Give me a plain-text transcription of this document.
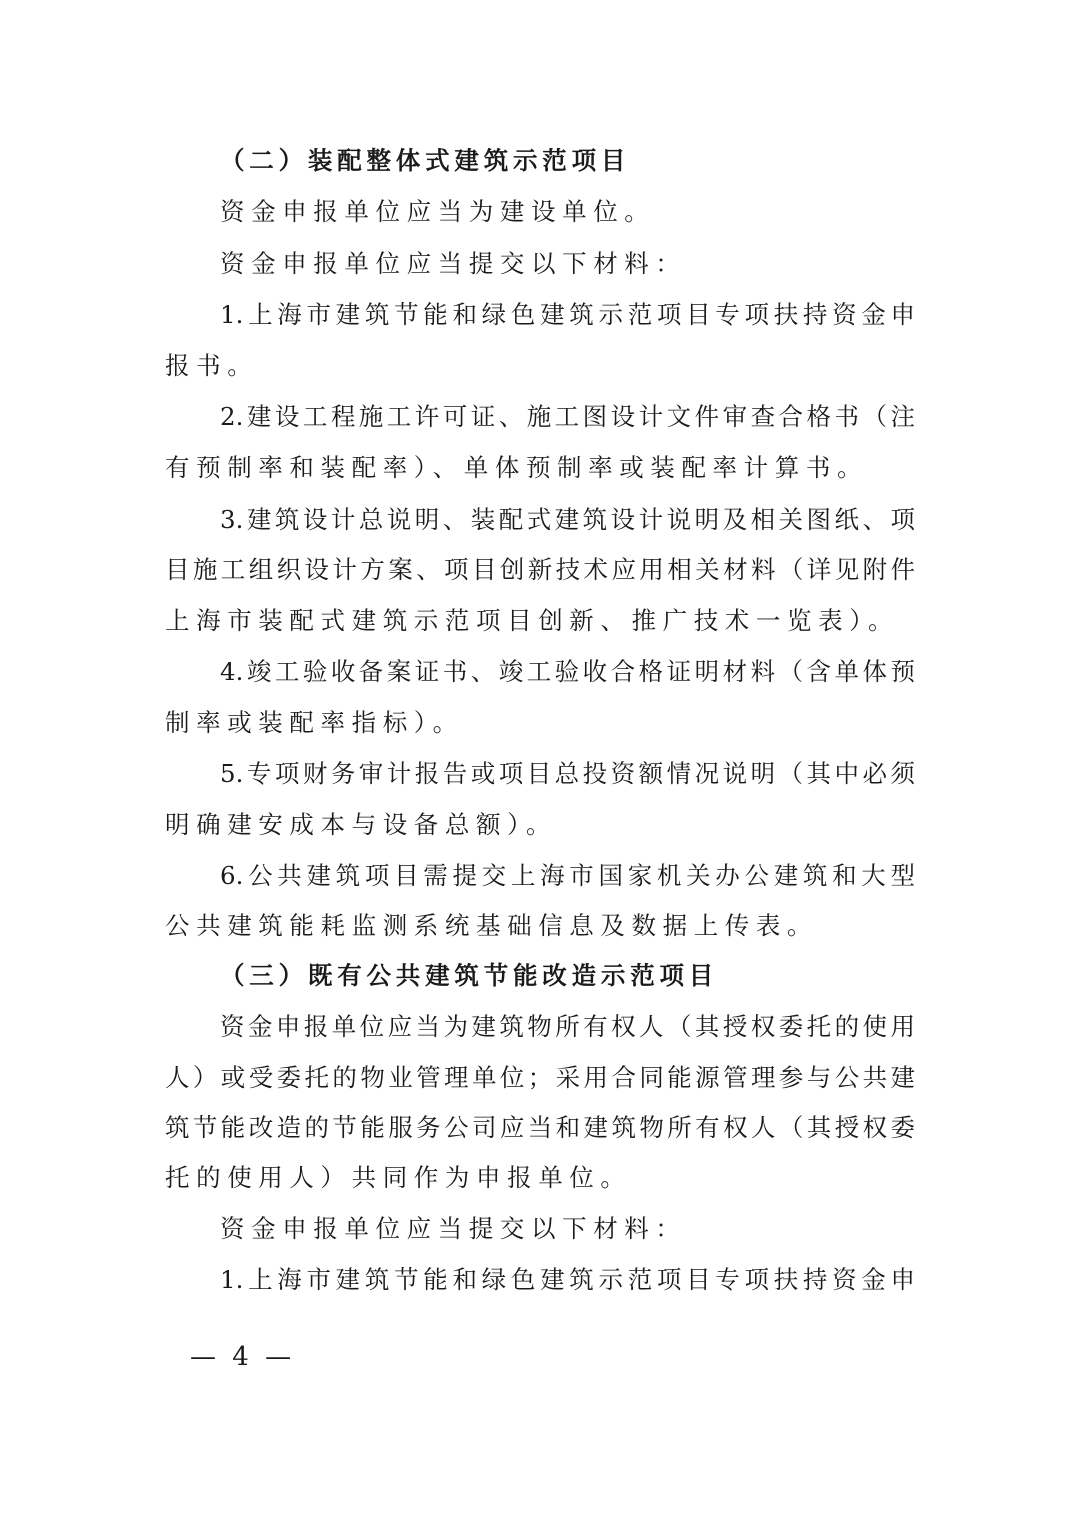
（二）装配整体式建筑示范项目
资金申报单位应当为建设单位。
资金申报单位应当提交以下材料：
1.上海市建筑节能和绿色建筑示范项目专项扶持资金申
报书。
2.建设工程施工许可证、施工图设计文件审查合格书（注
有预制率和装配率）、单体预制率或装配率计算书。
3.建筑设计总说明、装配式建筑设计说明及相关图纸、项
目施工组织设计方案、项目创新技术应用相关材料（详见附件
上海市装配式建筑示范项目创新、推广技术一览表）。
4.竣工验收备案证书、竣工验收合格证明材料（含单体预
制率或装配率指标）。
5.专项财务审计报告或项目总投资额情况说明（其中必须
明确建安成本与设备总额）。
6.公共建筑项目需提交上海市国家机关办公建筑和大型
公共建筑能耗监测系统基础信息及数据上传表。
（三）既有公共建筑节能改造示范项目
资金申报单位应当为建筑物所有权人（其授权委托的使用
人）或受委托的物业管理单位；采用合同能源管理参与公共建
筑节能改造的节能服务公司应当和建筑物所有权人（其授权委
托的使用人）共同作为申报单位。
资金申报单位应当提交以下材料：
1.上海市建筑节能和绿色建筑示范项目专项扶持资金申
— 4 —
